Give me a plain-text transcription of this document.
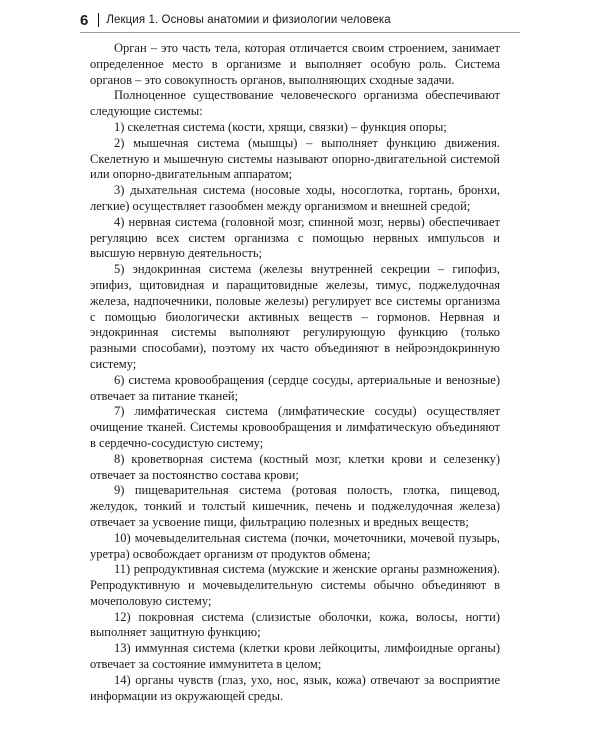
6 Лекция 1. Основы анатомии и физиологии человека

Орган – это часть тела, которая отличается своим строением, занимает определенное место в организме и выполняет особую роль. Система органов – это совокупность органов, выполняющих сходные задачи.

Полноценное существование человеческого организма обеспечивают следующие системы:

1) скелетная система (кости, хрящи, связки) – функция опоры;

2) мышечная система (мышцы) – выполняет функцию движения. Скелетную и мышечную системы называют опорно-двигательной системой или опорно-двигательным аппаратом;

3) дыхательная система (носовые ходы, носоглотка, гортань, бронхи, легкие) осуществляет газообмен между организмом и внешней средой;

4) нервная система (головной мозг, спинной мозг, нервы) обеспечивает регуляцию всех систем организма с помощью нервных импульсов и высшую нервную деятельность;

5) эндокринная система (железы внутренней секреции – гипофиз, эпифиз, щитовидная и паращитовидные железы, тимус, поджелудочная железа, надпочечники, половые железы) регулирует все системы организма с помощью биологически активных веществ – гормонов. Нервная и эндокринная системы выполняют регулирующую функцию (только разными способами), поэтому их часто объединяют в нейроэндокринную систему;

6) система кровообращения (сердце сосуды, артериальные и венозные) отвечает за питание тканей;

7) лимфатическая система (лимфатические сосуды) осуществляет очищение тканей. Системы кровообращения и лимфатическую объединяют в сердечно-сосудистую систему;

8) кроветворная система (костный мозг, клетки крови и селезенку) отвечает за постоянство состава крови;

9) пищеварительная система (ротовая полость, глотка, пищевод, желудок, тонкий и толстый кишечник, печень и поджелудочная железа) отвечает за усвоение пищи, фильтрацию полезных и вредных веществ;

10) мочевыделительная система (почки, мочеточники, мочевой пузырь, уретра) освобождает организм от продуктов обмена;

11) репродуктивная система (мужские и женские органы размножения). Репродуктивную и мочевыделительную системы обычно объединяют в мочеполовую систему;

12) покровная система (слизистые оболочки, кожа, волосы, ногти) выполняет защитную функцию;

13) иммунная система (клетки крови лейкоциты, лимфоидные органы) отвечает за состояние иммунитета в целом;

14) органы чувств (глаз, ухо, нос, язык, кожа) отвечают за восприятие информации из окружающей среды.
